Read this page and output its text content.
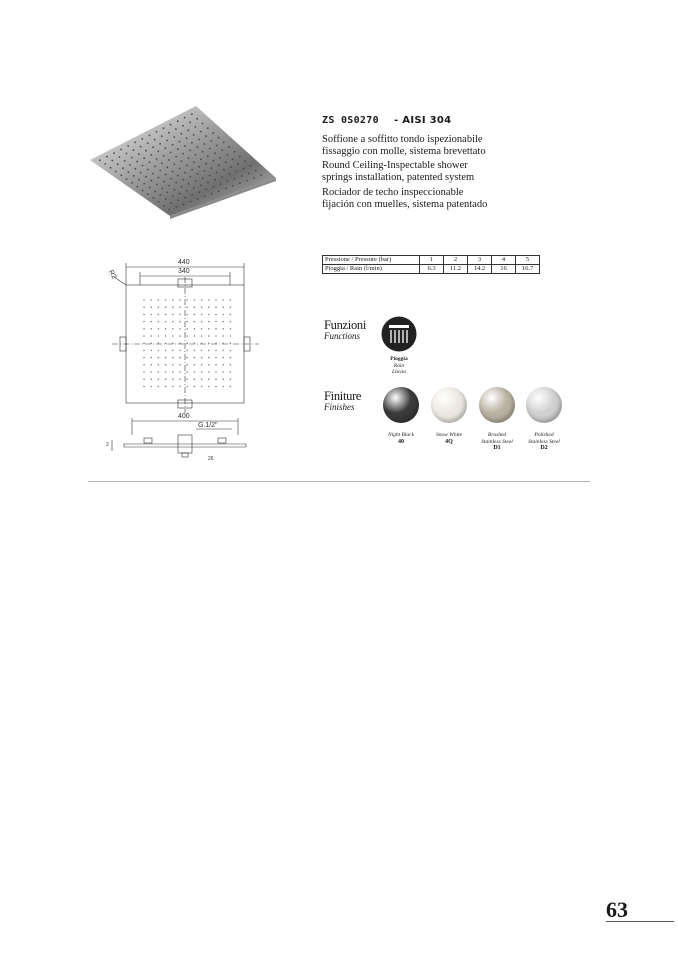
ZS 0S0270 - AISI 304
Soffione a soffitto tondo ispezionabile
fissaggio con molle, sistema brevettato
Round Ceiling-Inspectable shower
springs installation, patented system
Rociador de techo inspeccionable
fijación con muelles, sistema patentado
440
340
R2
400
G.1/2"
2
26
Pressione / Pressure (bar)	1	2	3	4	5
Pioggia / Rain (l/min)	6.3	11.2	14.2	16	16.7
Funzioni
Functions
Pioggia
Rain
Lluvia
Finiture
Finishes
Night Black
40
Snow White
4Q
Brushed
Stainless Steel
D1
Polished
Stainless Steel
D2
63
